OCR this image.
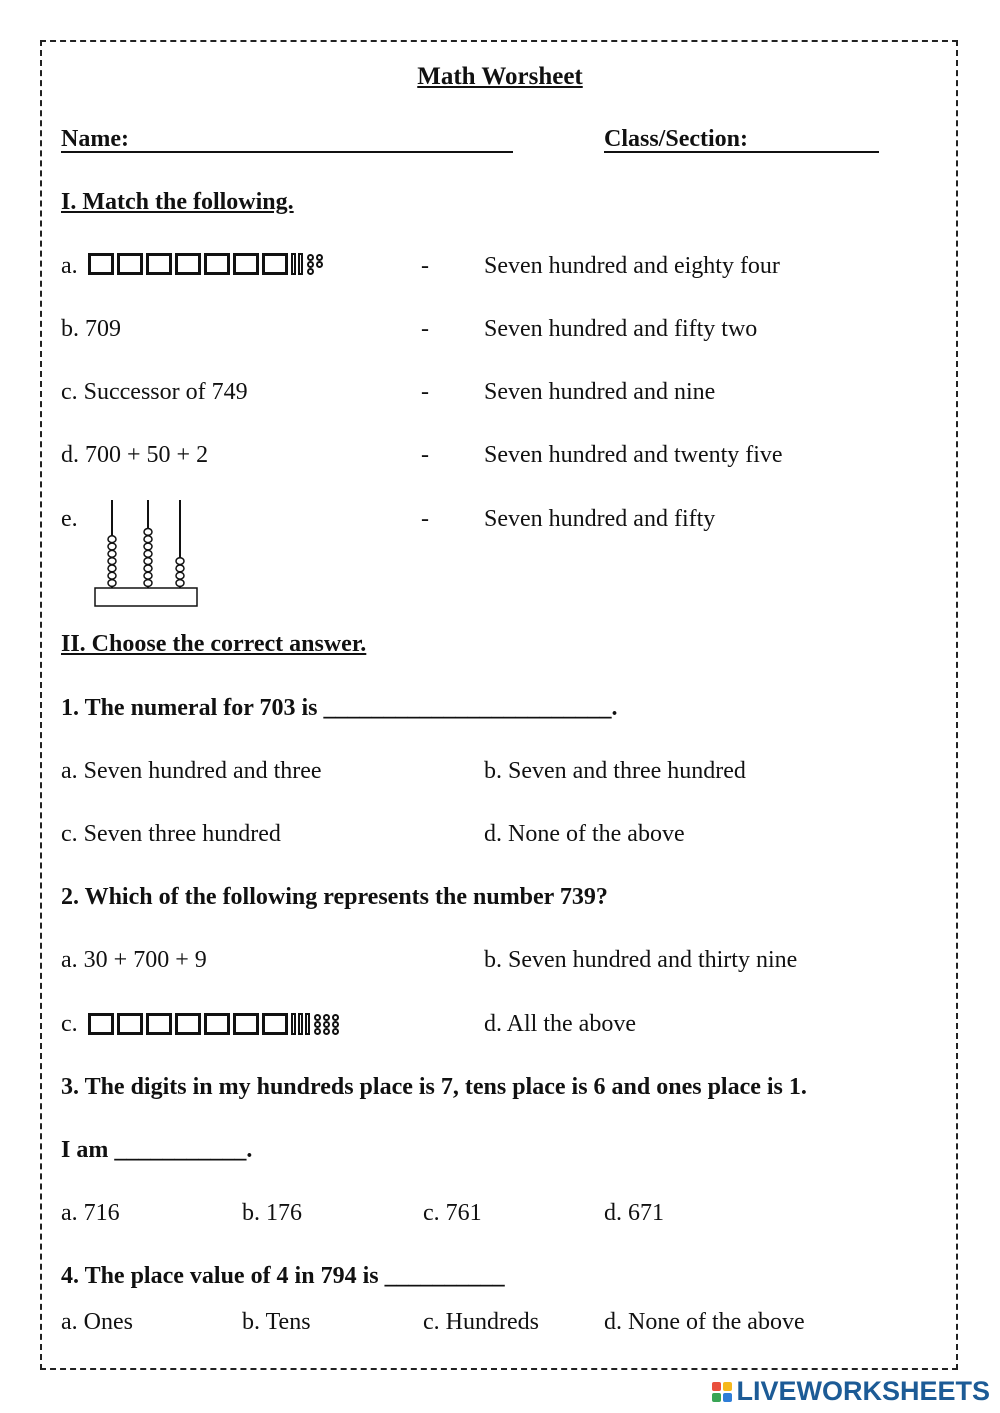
Math Worsheet
Name:	Class/Section:
I. Match the following.
a.	- Seven hundred and eighty four
b. 709	- Seven hundred and fifty two
c. Successor of 749	- Seven hundred and nine
d. 700 + 50 + 2	- Seven hundred and twenty five
e.	- Seven hundred and fifty
II. Choose the correct answer.
1. The numeral for 703 is ________________________.
a. Seven hundred and three	b. Seven and three hundred
c. Seven three hundred	d. None of the above
2. Which of the following represents the number 739?
a. 30 + 700 + 9	b. Seven hundred and thirty nine
c.	d. All the above
3. The digits in my hundreds place is 7, tens place is 6 and ones place is 1.
I am ___________.
a. 716	b. 176	c. 761	d. 671
4. The place value of 4 in 794 is __________
a. Ones	b. Tens	c. Hundreds	d. None of the above
LIVEWORKSHEETS
